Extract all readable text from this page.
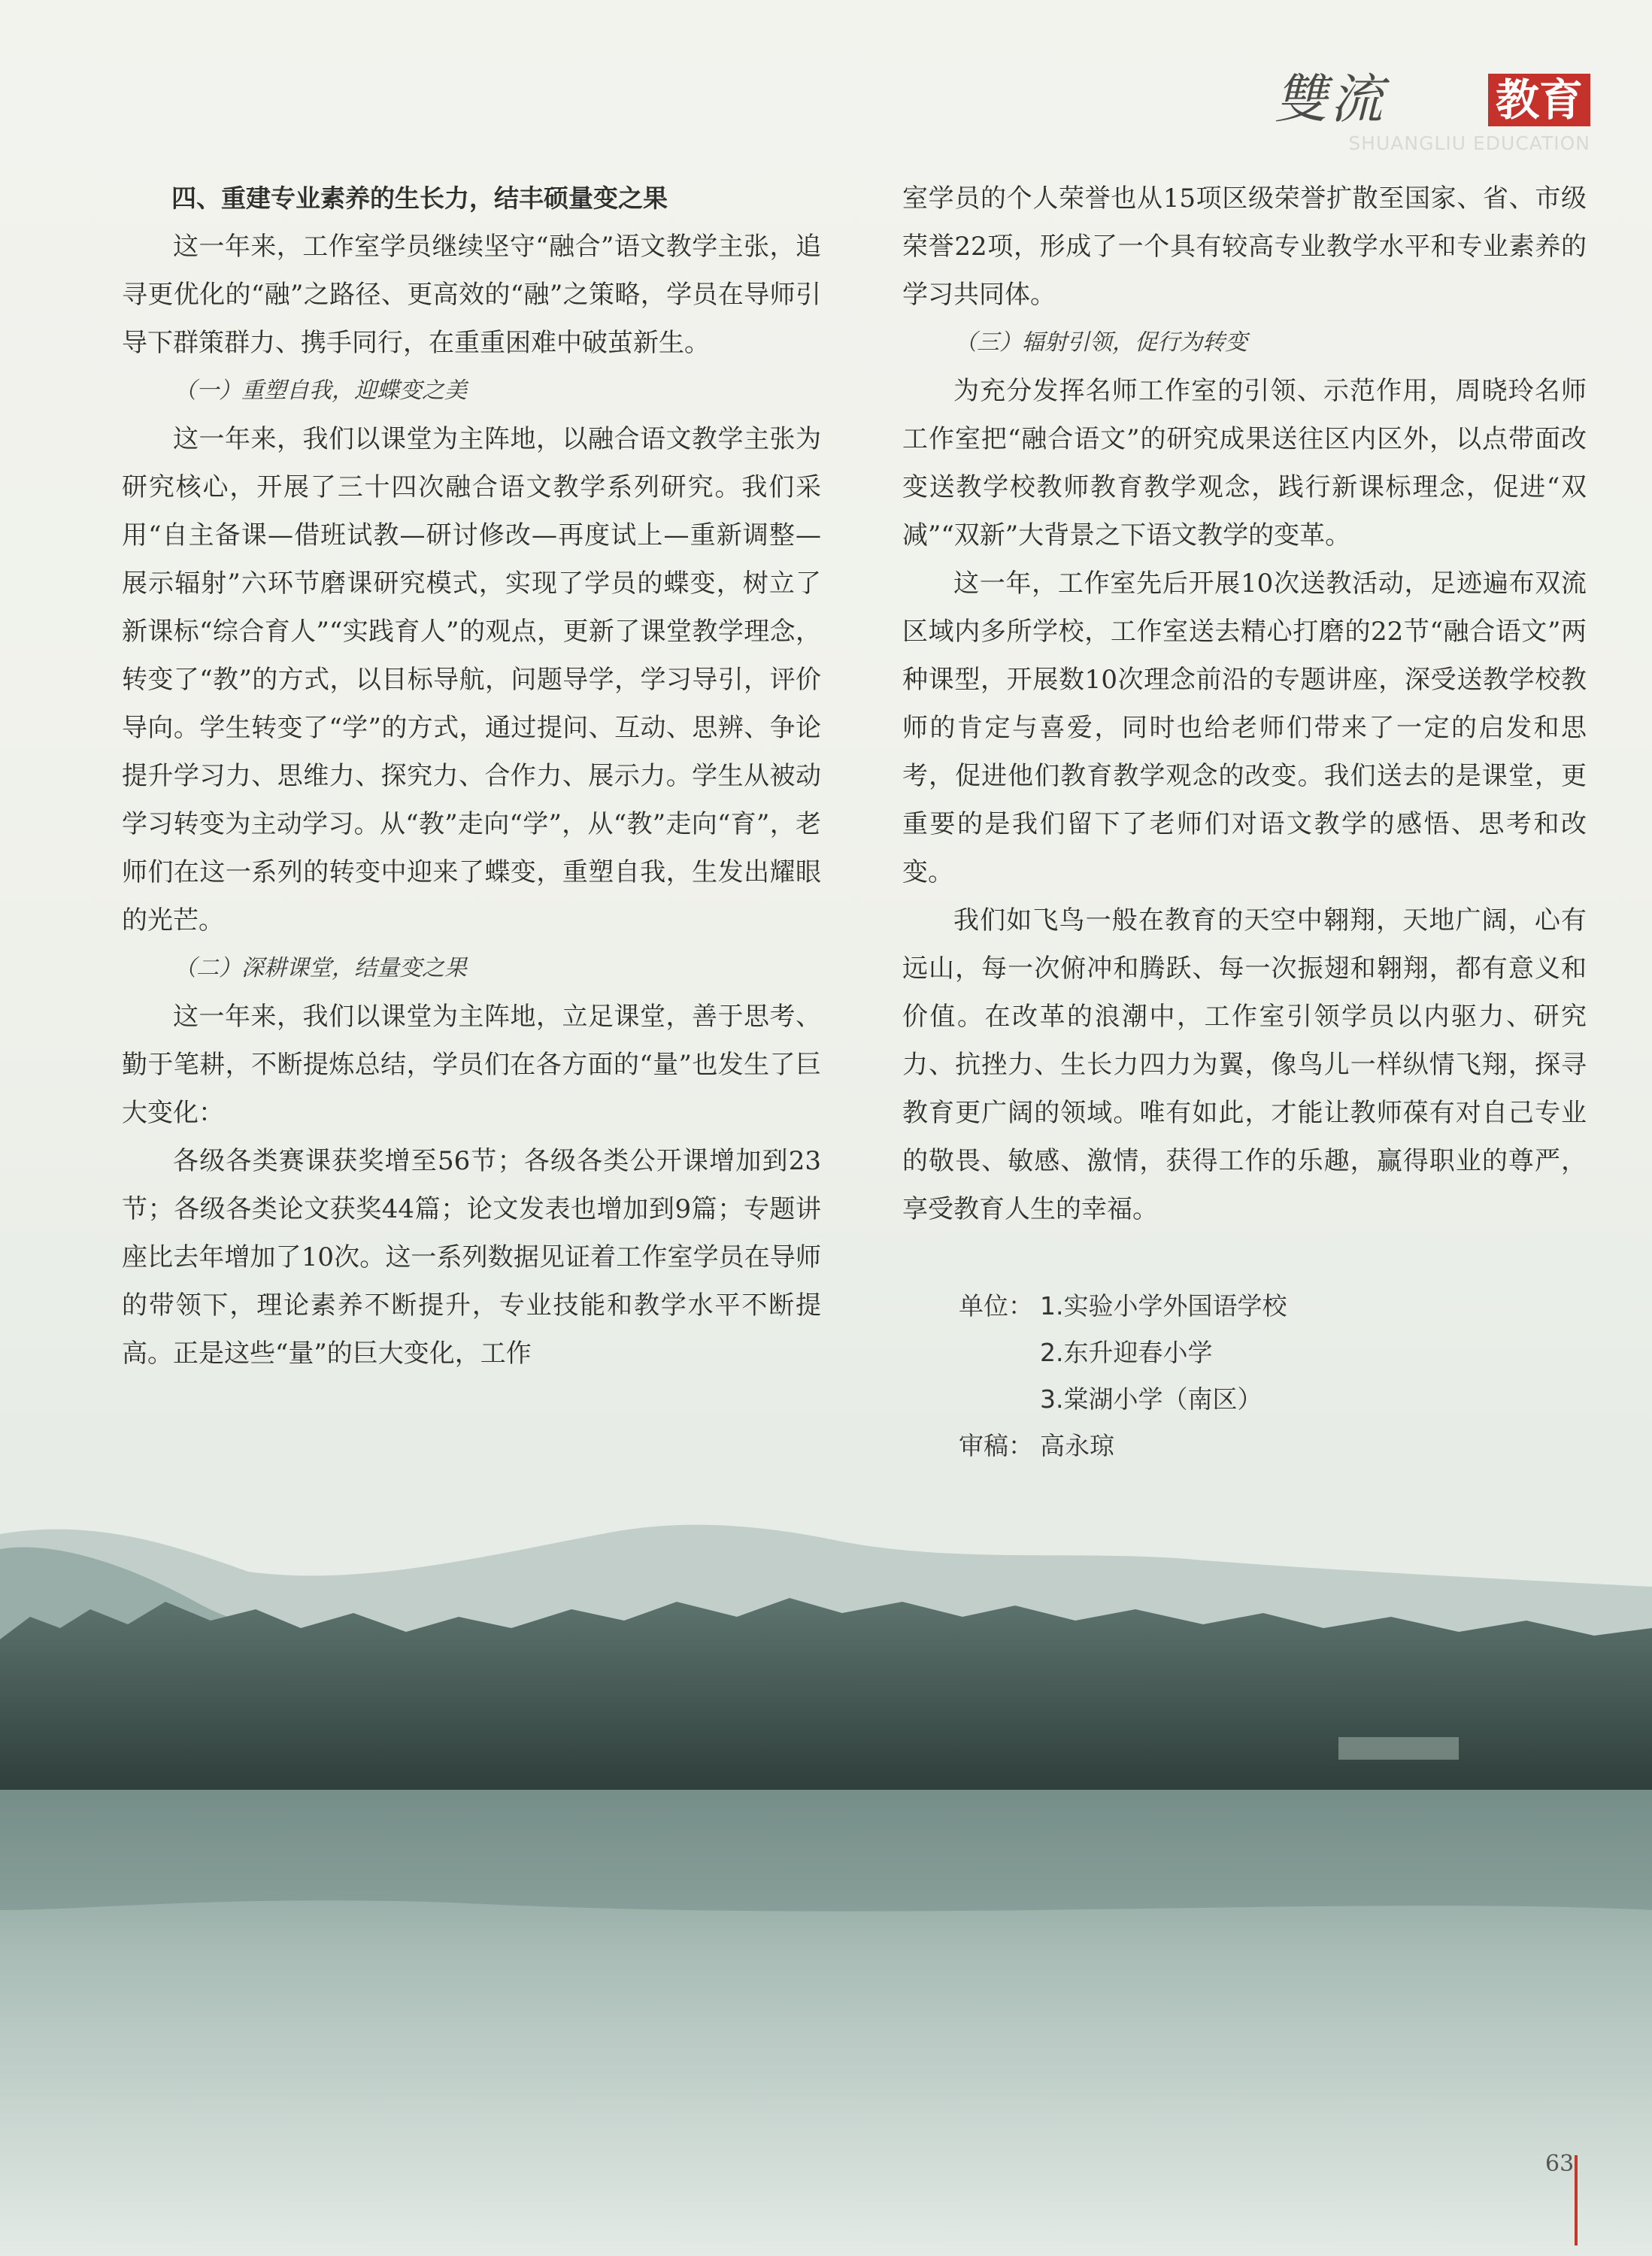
雙流	教育
SHUANGLIU EDUCATION

四、重建专业素养的生长力，结丰硕量变之果

这一年来，工作室学员继续坚守“融合”语文教学主张，追寻更优化的“融”之路径、更高效的“融”之策略，学员在导师引导下群策群力、携手同行，在重重困难中破茧新生。

（一）重塑自我，迎蝶变之美

这一年来，我们以课堂为主阵地，以融合语文教学主张为研究核心，开展了三十四次融合语文教学系列研究。我们采用“自主备课—借班试教—研讨修改—再度试上—重新调整—展示辐射”六环节磨课研究模式，实现了学员的蝶变，树立了新课标“综合育人”“实践育人”的观点，更新了课堂教学理念，转变了“教”的方式，以目标导航，问题导学，学习导引，评价导向。学生转变了“学”的方式，通过提问、互动、思辨、争论提升学习力、思维力、探究力、合作力、展示力。学生从被动学习转变为主动学习。从“教”走向“学”，从“教”走向“育”，老师们在这一系列的转变中迎来了蝶变，重塑自我，生发出耀眼的光芒。

（二）深耕课堂，结量变之果

这一年来，我们以课堂为主阵地，立足课堂，善于思考、勤于笔耕，不断提炼总结，学员们在各方面的“量”也发生了巨大变化：

各级各类赛课获奖增至56节；各级各类公开课增加到23节；各级各类论文获奖44篇；论文发表也增加到9篇；专题讲座比去年增加了10次。这一系列数据见证着工作室学员在导师的带领下，理论素养不断提升，专业技能和教学水平不断提高。正是这些“量”的巨大变化，工作

室学员的个人荣誉也从15项区级荣誉扩散至国家、省、市级荣誉22项，形成了一个具有较高专业教学水平和专业素养的学习共同体。

（三）辐射引领，促行为转变

为充分发挥名师工作室的引领、示范作用，周晓玲名师工作室把“融合语文”的研究成果送往区内区外，以点带面改变送教学校教师教育教学观念，践行新课标理念，促进“双减”“双新”大背景之下语文教学的变革。

这一年，工作室先后开展10次送教活动，足迹遍布双流区域内多所学校，工作室送去精心打磨的22节“融合语文”两种课型，开展数10次理念前沿的专题讲座，深受送教学校教师的肯定与喜爱，同时也给老师们带来了一定的启发和思考，促进他们教育教学观念的改变。我们送去的是课堂，更重要的是我们留下了老师们对语文教学的感悟、思考和改变。

我们如飞鸟一般在教育的天空中翱翔，天地广阔，心有远山，每一次俯冲和腾跃、每一次振翅和翱翔，都有意义和价值。在改革的浪潮中，工作室引领学员以内驱力、研究力、抗挫力、生长力四力为翼，像鸟儿一样纵情飞翔，探寻教育更广阔的领域。唯有如此，才能让教师葆有对自己专业的敬畏、敏感、激情，获得工作的乐趣，赢得职业的尊严，享受教育人生的幸福。

单位： 1.实验小学外国语学校
2.东升迎春小学
3.棠湖小学（南区）
审稿： 高永琼
63
